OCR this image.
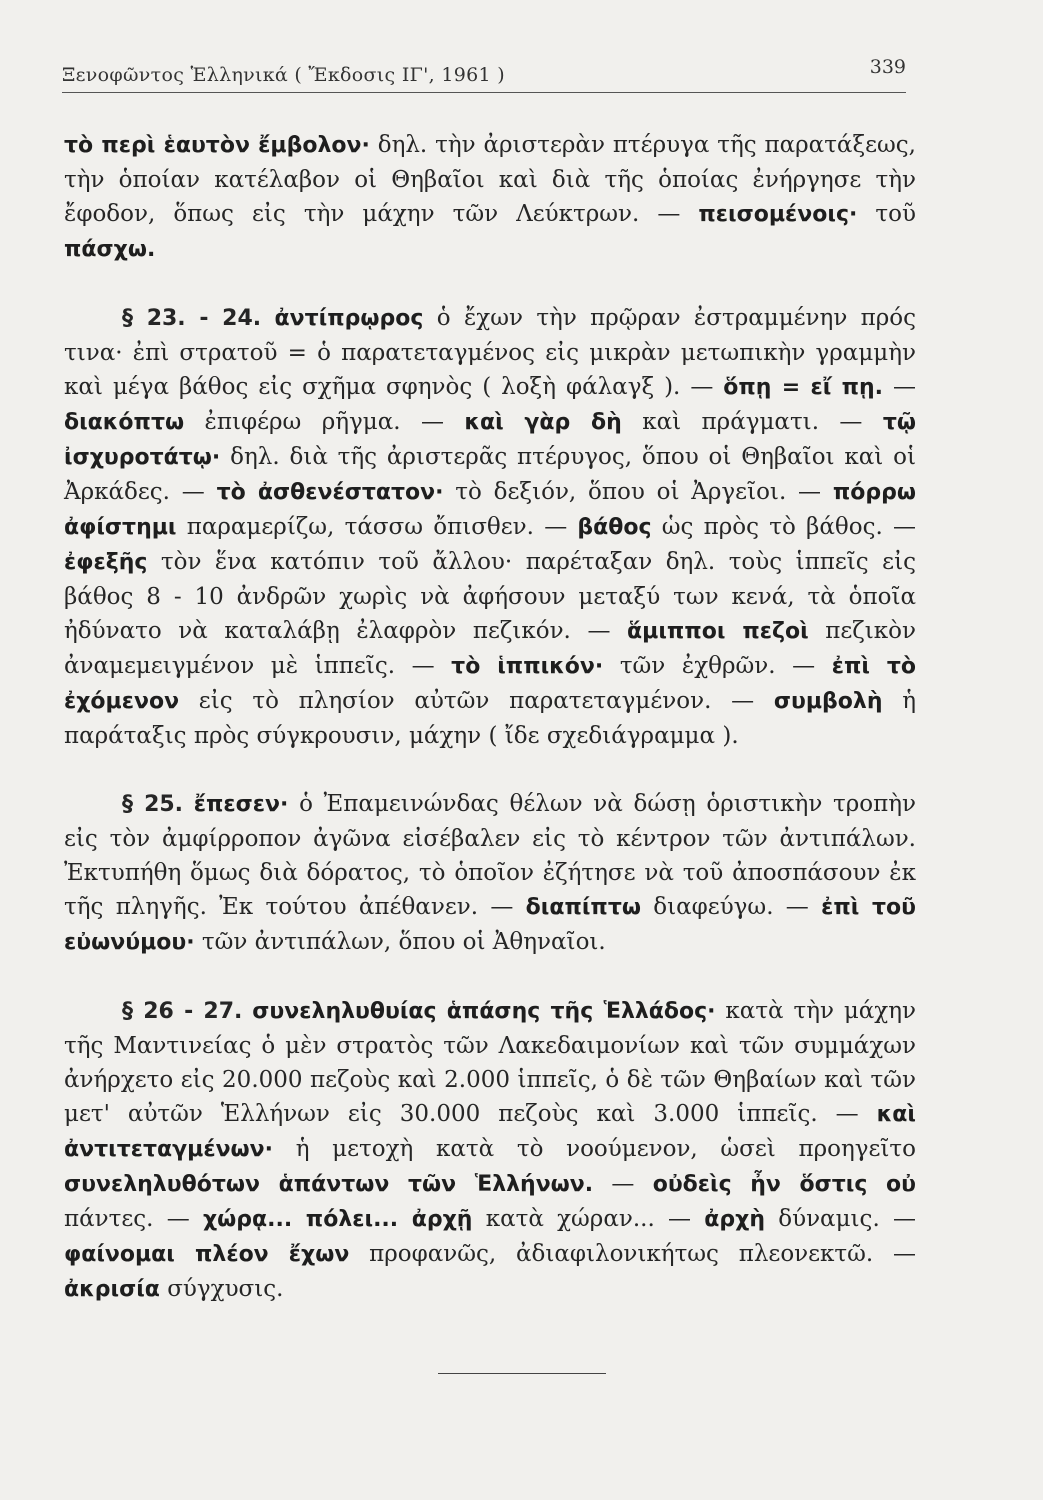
Ξενοφῶντος Ἑλληνικά ( Ἔκδοσις ΙΓ', 1961 )	339

τὸ περὶ ἑαυτὸν ἔμβολον· δηλ. τὴν ἀριστερὰν πτέρυγα τῆς παρατάξεως, τὴν ὁποίαν κατέλαβον οἱ Θηβαῖοι καὶ διὰ τῆς ὁποίας ἐνήργησε τὴν ἔφοδον, ὅπως εἰς τὴν μάχην τῶν Λεύκτρων. — πεισομένοις· τοῦ πάσχω.

§ 23. - 24. ἀντίπρῳρος ὁ ἔχων τὴν πρῷραν ἐστραμμένην πρός τινα· ἐπὶ στρατοῦ = ὁ παρατεταγμένος εἰς μικρὰν μετωπικὴν γραμμὴν καὶ μέγα βάθος εἰς σχῆμα σφηνὸς ( λοξὴ φάλαγξ ). — ὅπῃ = εἴ πῃ. — διακόπτω ἐπιφέρω ρῆγμα. — καὶ γὰρ δὴ καὶ πράγματι. — τῷ ἰσχυροτάτῳ· δηλ. διὰ τῆς ἀριστερᾶς πτέρυγος, ὅπου οἱ Θηβαῖοι καὶ οἱ Ἀρκάδες. — τὸ ἀσθενέστατον· τὸ δεξιόν, ὅπου οἱ Ἀργεῖοι. — πόρρω ἀφίστημι παραμερίζω, τάσσω ὄπισθεν. — βάθος ὡς πρὸς τὸ βάθος. — ἐφεξῆς τὸν ἕνα κατόπιν τοῦ ἄλλου· παρέταξαν δηλ. τοὺς ἱππεῖς εἰς βάθος 8 - 10 ἀνδρῶν χωρὶς νὰ ἀφήσουν μεταξύ των κενά, τὰ ὁποῖα ἠδύνατο νὰ καταλάβῃ ἐλαφρὸν πεζικόν. — ἅμιπποι πεζοὶ πεζικὸν ἀναμεμειγμένον μὲ ἱππεῖς. — τὸ ἱππικόν· τῶν ἐχθρῶν. — ἐπὶ τὸ ἐχόμενον εἰς τὸ πλησίον αὐτῶν παρατεταγμένον. — συμβολὴ ἡ παράταξις πρὸς σύγκρουσιν, μάχην ( ἴδε σχεδιάγραμμα ).

§ 25. ἔπεσεν· ὁ Ἐπαμεινώνδας θέλων νὰ δώσῃ ὁριστικὴν τροπὴν εἰς τὸν ἀμφίρροπον ἀγῶνα εἰσέβαλεν εἰς τὸ κέντρον τῶν ἀντιπάλων. Ἐκτυπήθη ὅμως διὰ δόρατος, τὸ ὁποῖον ἐζήτησε νὰ τοῦ ἀποσπάσουν ἐκ τῆς πληγῆς. Ἐκ τούτου ἀπέθανεν. — διαπίπτω διαφεύγω. — ἐπὶ τοῦ εὐωνύμου· τῶν ἀντιπάλων, ὅπου οἱ Ἀθηναῖοι.

§ 26 - 27. συνεληλυθυίας ἁπάσης τῆς Ἑλλάδος· κατὰ τὴν μάχην τῆς Μαντινείας ὁ μὲν στρατὸς τῶν Λακεδαιμονίων καὶ τῶν συμμάχων ἀνήρχετο εἰς 20.000 πεζοὺς καὶ 2.000 ἱππεῖς, ὁ δὲ τῶν Θηβαίων καὶ τῶν μετ' αὐτῶν Ἑλλήνων εἰς 30.000 πεζοὺς καὶ 3.000 ἱππεῖς. — καὶ ἀντιτεταγμένων· ἡ μετοχὴ κατὰ τὸ νοούμενον, ὡσεὶ προηγεῖτο συνεληλυθότων ἁπάντων τῶν Ἑλλήνων. — οὐδεὶς ἦν ὅστις οὐ πάντες. — χώρᾳ... πόλει... ἀρχῇ κατὰ χώραν... — ἀρχὴ δύναμις. — φαίνομαι πλέον ἔχων προφανῶς, ἀδιαφιλονικήτως πλεονεκτῶ. — ἀκρισία σύγχυσις.
